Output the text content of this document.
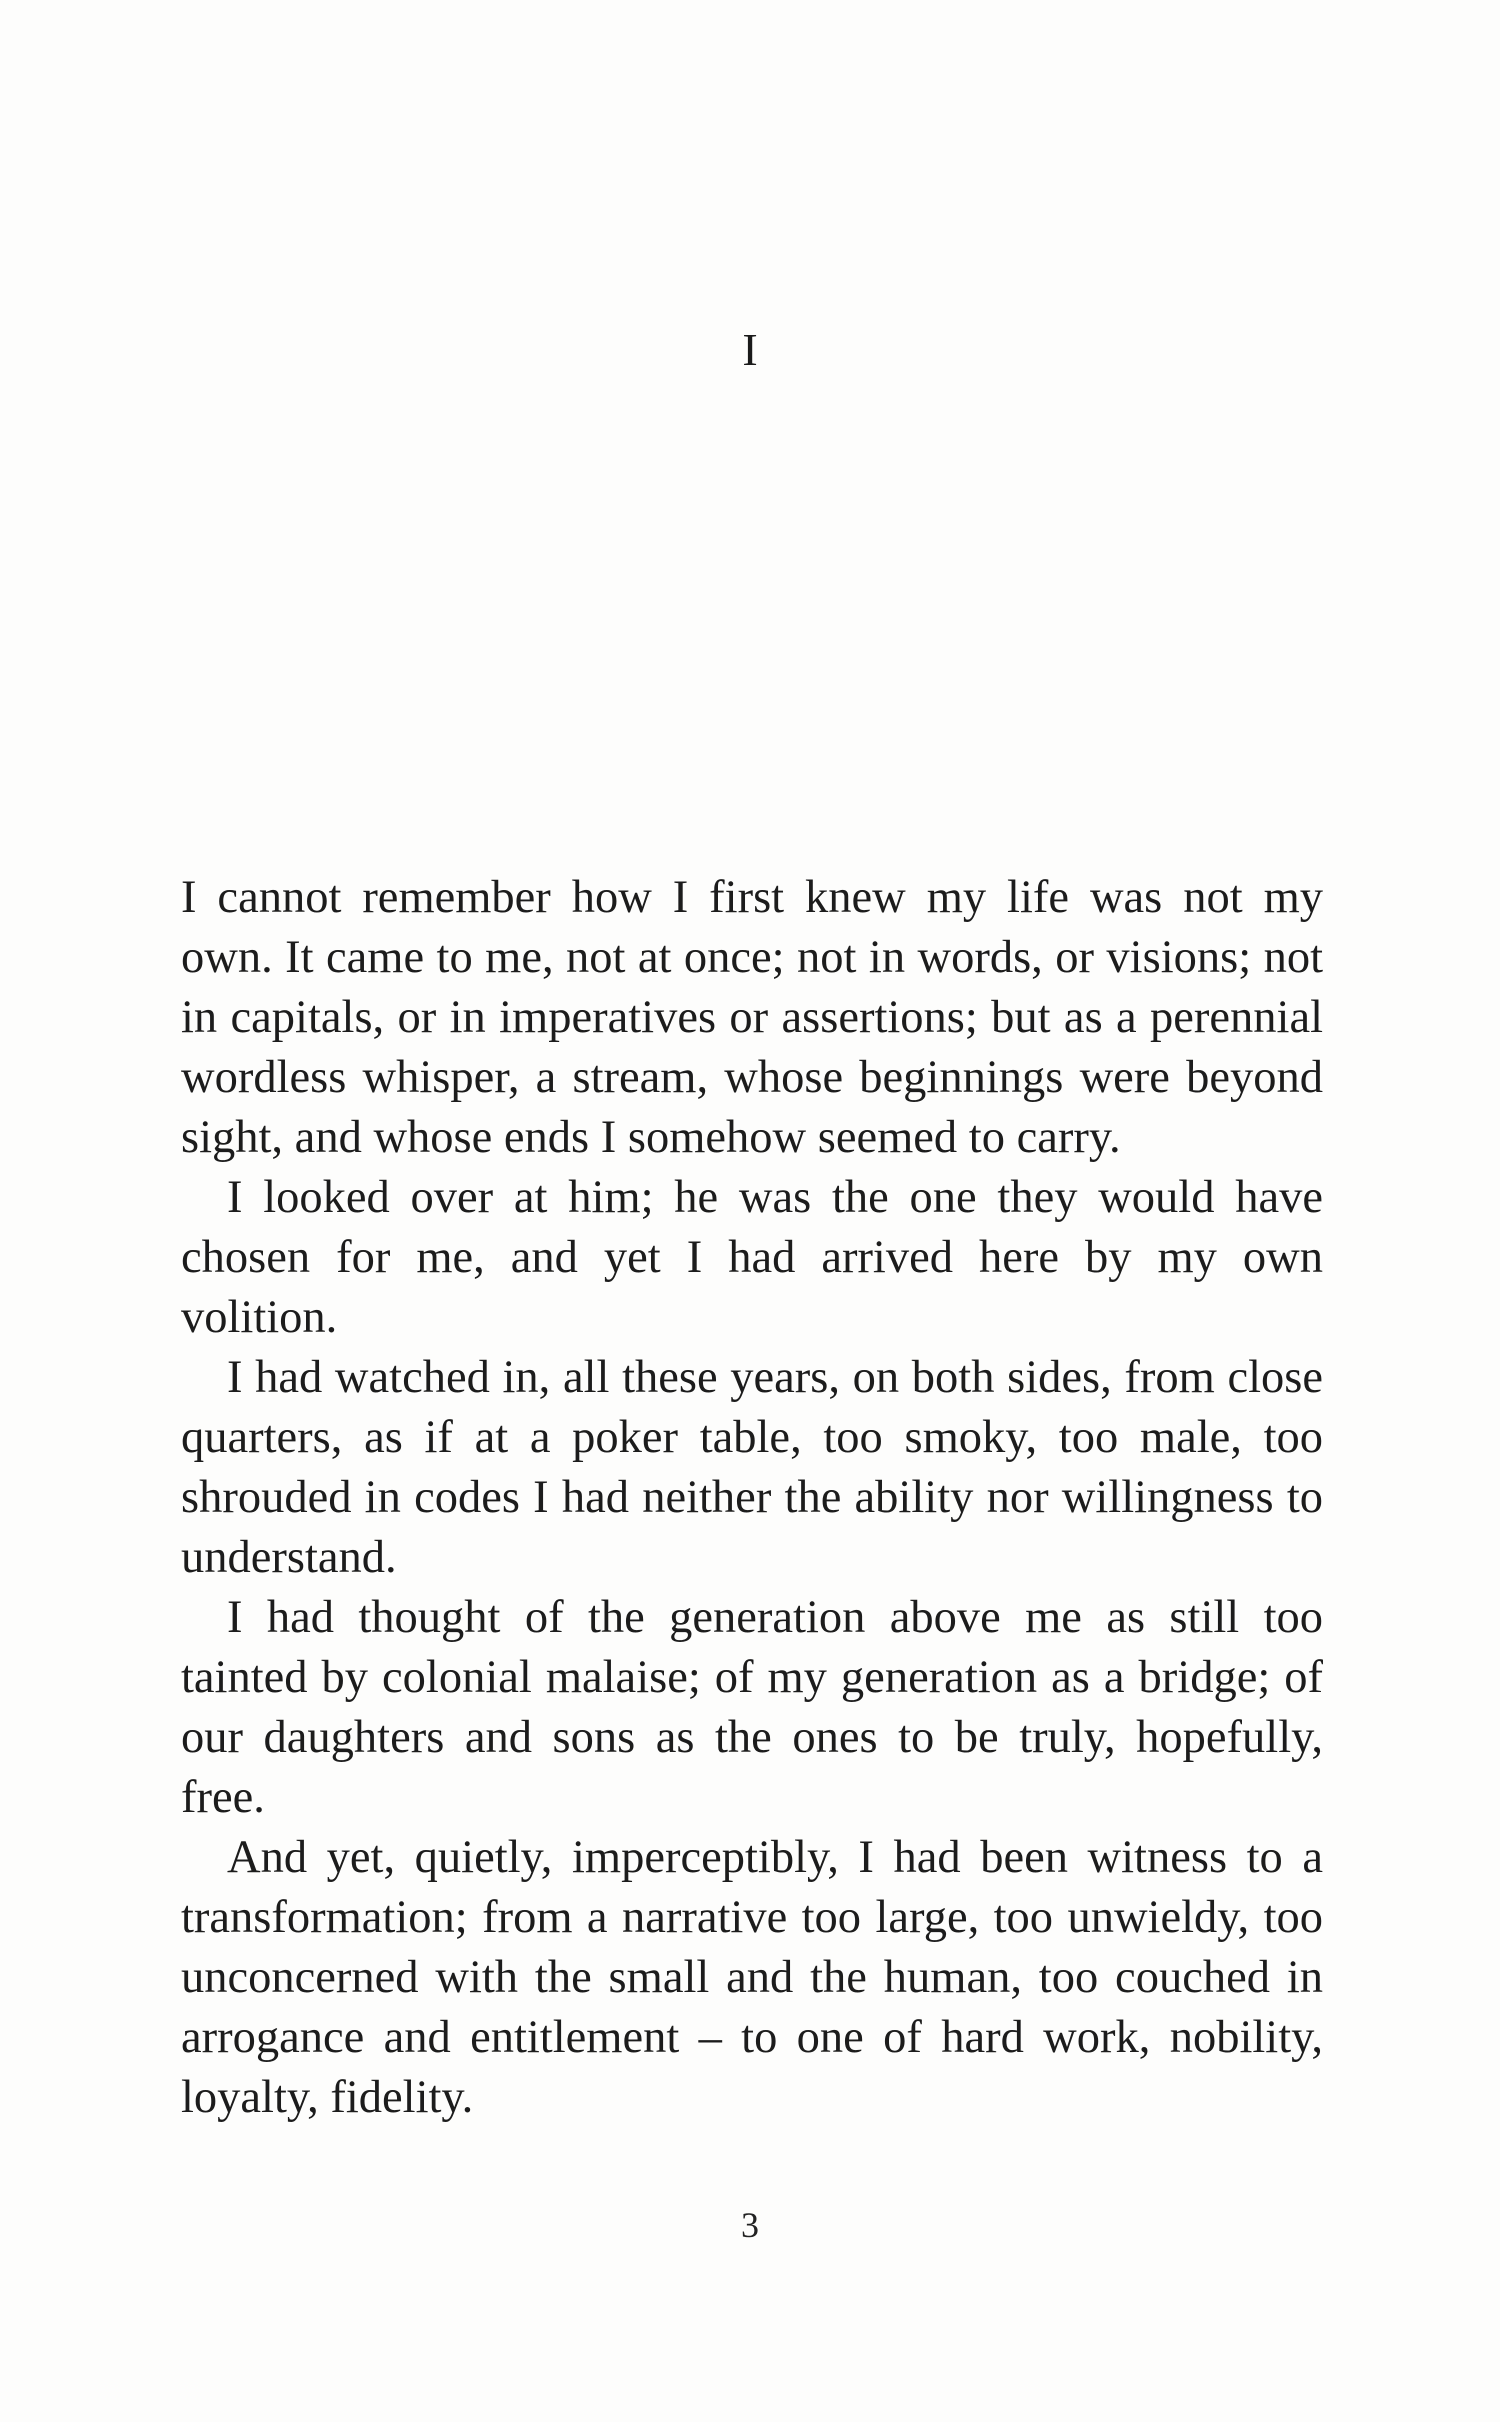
I

I cannot remember how I first knew my life was not my own. It came to me, not at once; not in words, or visions; not in capitals, or in imperatives or assertions; but as a perennial wordless whisper, a stream, whose beginnings were beyond sight, and whose ends I somehow seemed to carry.

I looked over at him; he was the one they would have chosen for me, and yet I had arrived here by my own volition.

I had watched in, all these years, on both sides, from close quarters, as if at a poker table, too smoky, too male, too shrouded in codes I had neither the ability nor willingness to understand.

I had thought of the generation above me as still too tainted by colonial malaise; of my generation as a bridge; of our daughters and sons as the ones to be truly, hopefully, free.

And yet, quietly, imperceptibly, I had been witness to a transformation; from a narrative too large, too unwieldy, too unconcerned with the small and the human, too couched in arrogance and entitlement – to one of hard work, nobility, loyalty, fidelity.

3
